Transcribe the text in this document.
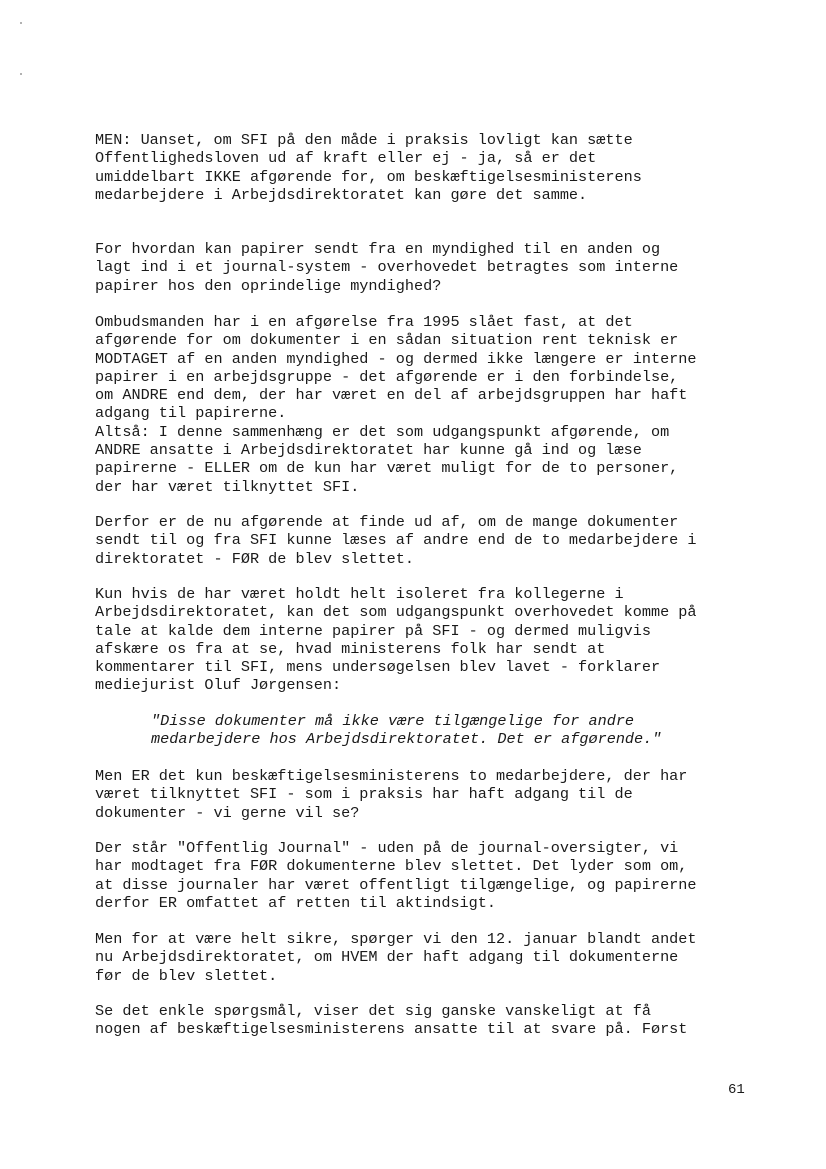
MEN: Uanset, om SFI på den måde i praksis lovligt kan sætte
Offentlighedsloven ud af kraft eller ej - ja, så er det
umiddelbart IKKE afgørende for, om beskæftigelsesministerens
medarbejdere i Arbejdsdirektoratet kan gøre det samme.

For hvordan kan papirer sendt fra en myndighed til en anden og
lagt ind i et journal-system - overhovedet betragtes som interne
papirer hos den oprindelige myndighed?

Ombudsmanden har i en afgørelse fra 1995 slået fast, at det
afgørende for om dokumenter i en sådan situation rent teknisk er
MODTAGET af en anden myndighed - og dermed ikke længere er interne
papirer i en arbejdsgruppe - det afgørende er i den forbindelse,
om ANDRE end dem, der har været en del af arbejdsgruppen har haft
adgang til papirerne.
Altså: I denne sammenhæng er det som udgangspunkt afgørende, om
ANDRE ansatte i Arbejdsdirektoratet har kunne gå ind og læse
papirerne - ELLER om de kun har været muligt for de to personer,
der har været tilknyttet SFI.

Derfor er de nu afgørende at finde ud af, om de mange dokumenter
sendt til og fra SFI kunne læses af andre end de to medarbejdere i
direktoratet - FØR de blev slettet.

Kun hvis de har været holdt helt isoleret fra kollegerne i
Arbejdsdirektoratet, kan det som udgangspunkt overhovedet komme på
tale at kalde dem interne papirer på SFI - og dermed muligvis
afskære os fra at se, hvad ministerens folk har sendt at
kommentarer til SFI, mens undersøgelsen blev lavet - forklarer
mediejurist Oluf Jørgensen:

"Disse dokumenter må ikke være tilgængelige for andre
medarbejdere hos Arbejdsdirektoratet. Det er afgørende."

Men ER det kun beskæftigelsesministerens to medarbejdere, der har
været tilknyttet SFI - som i praksis har haft adgang til de
dokumenter - vi gerne vil se?

Der står "Offentlig Journal" - uden på de journal-oversigter, vi
har modtaget fra FØR dokumenterne blev slettet. Det lyder som om,
at disse journaler har været offentligt tilgængelige, og papirerne
derfor ER omfattet af retten til aktindsigt.

Men for at være helt sikre, spørger vi den 12. januar blandt andet
nu Arbejdsdirektoratet, om HVEM der haft adgang til dokumenterne
før de blev slettet.

Se det enkle spørgsmål, viser det sig ganske vanskeligt at få
nogen af beskæftigelsesministerens ansatte til at svare på. Først

61
